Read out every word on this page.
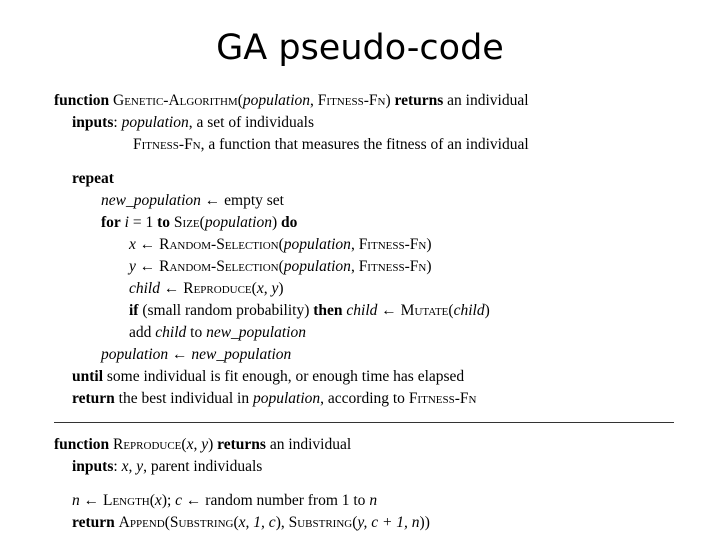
GA pseudo-code
function Genetic-Algorithm(population, Fitness-Fn) returns an individual
inputs: population, a set of individuals
Fitness-Fn, a function that measures the fitness of an individual
repeat
new_population ← empty set
for i = 1 to Size(population) do
x ← Random-Selection(population, Fitness-Fn)
y ← Random-Selection(population, Fitness-Fn)
child ← Reproduce(x, y)
if (small random probability) then child ← Mutate(child)
add child to new_population
population ← new_population
until some individual is fit enough, or enough time has elapsed
return the best individual in population, according to Fitness-Fn
function Reproduce(x, y) returns an individual
inputs: x, y, parent individuals
n ← Length(x); c ← random number from 1 to n
return Append(Substring(x, 1, c), Substring(y, c + 1, n))
